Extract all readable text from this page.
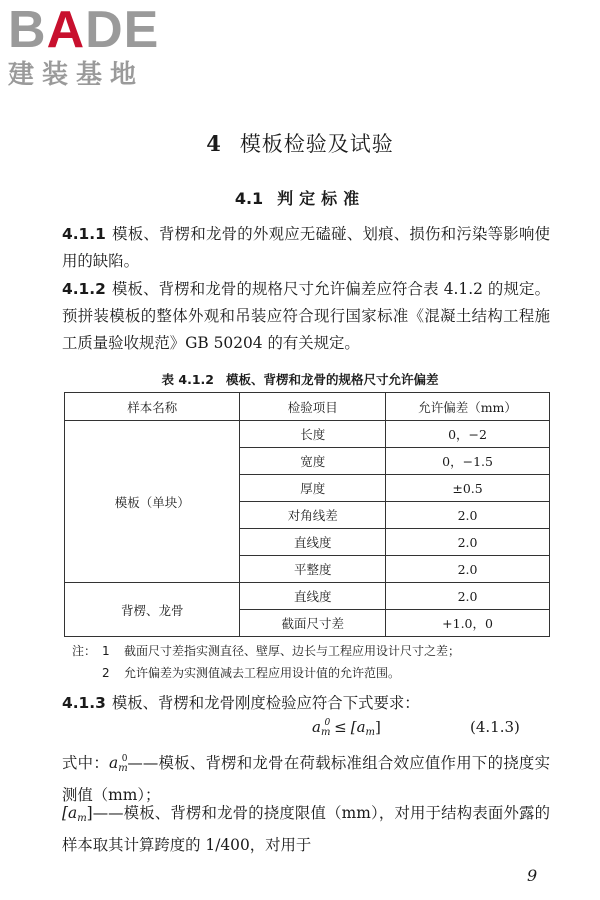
BADE
建装基地
4 模板检验及试验
4.1 判定标准

4.1.1 模板、背楞和龙骨的外观应无磕碰、划痕、损伤和污染等影响使用的缺陷。

4.1.2 模板、背楞和龙骨的规格尺寸允许偏差应符合表 4.1.2 的规定。预拼装模板的整体外观和吊装应符合现行国家标准《混凝土结构工程施工质量验收规范》GB 50204 的有关规定。

表 4.1.2 模板、背楞和龙骨的规格尺寸允许偏差
样本名称	检验项目	允许偏差（mm）
模板（单块）	长度	0，−2
	宽度	0，−1.5
	厚度	±0.5
	对角线差	2.0
	直线度	2.0
	平整度	2.0
背楞、龙骨	直线度	2.0
	截面尺寸差	+1.0，0
注： 1 截面尺寸差指实测直径、壁厚、边长与工程应用设计尺寸之差；
2 允许偏差为实测值减去工程应用设计值的允许范围。

4.1.3 模板、背楞和龙骨刚度检验应符合下式要求：

$a_m^0 \le [a_m]$	(4.1.3)
式中：$am^0——$模板、背楞和龙骨在荷载标准组合效应值作用下的挠度实测值（mm）；
[am]——模板、背楞和龙骨的挠度限值（mm），对用于结构表面外露的样本取其计算跨度的 1/400，对用于
9
